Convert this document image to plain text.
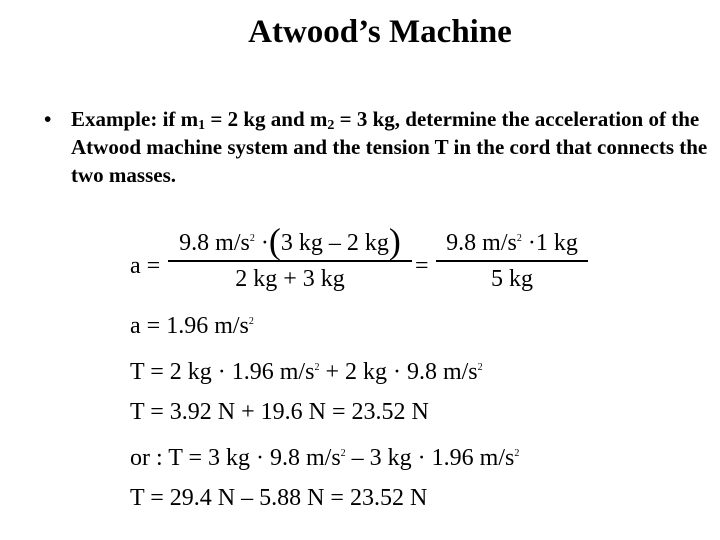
Atwood’s Machine
• Example: if $m_1 = 2$ kg and $m_2 = 3$ kg, determine the acceleration of the Atwood machine system and the tension T in the cord that connects the two masses.
$a = \frac{9.8 m/s^2 \cdot(3 kg - 2 kg)}{2 kg + 3 kg} = \frac{9.8 m/s^2 \cdot 1 kg}{5 kg}$
a = 1.96 $m/s^2$
T = 2 kg · 1.96 $m/s^2 + 2$ kg · 9.8 $m/s^2$
T = 3.92 N + 19.6 N = 23.52 N
or : T = 3 kg · 9.8 $m/s^2 - 3$ kg · 1.96 $m/s^2$
T = 29.4 N – 5.88 N = 23.52 N
